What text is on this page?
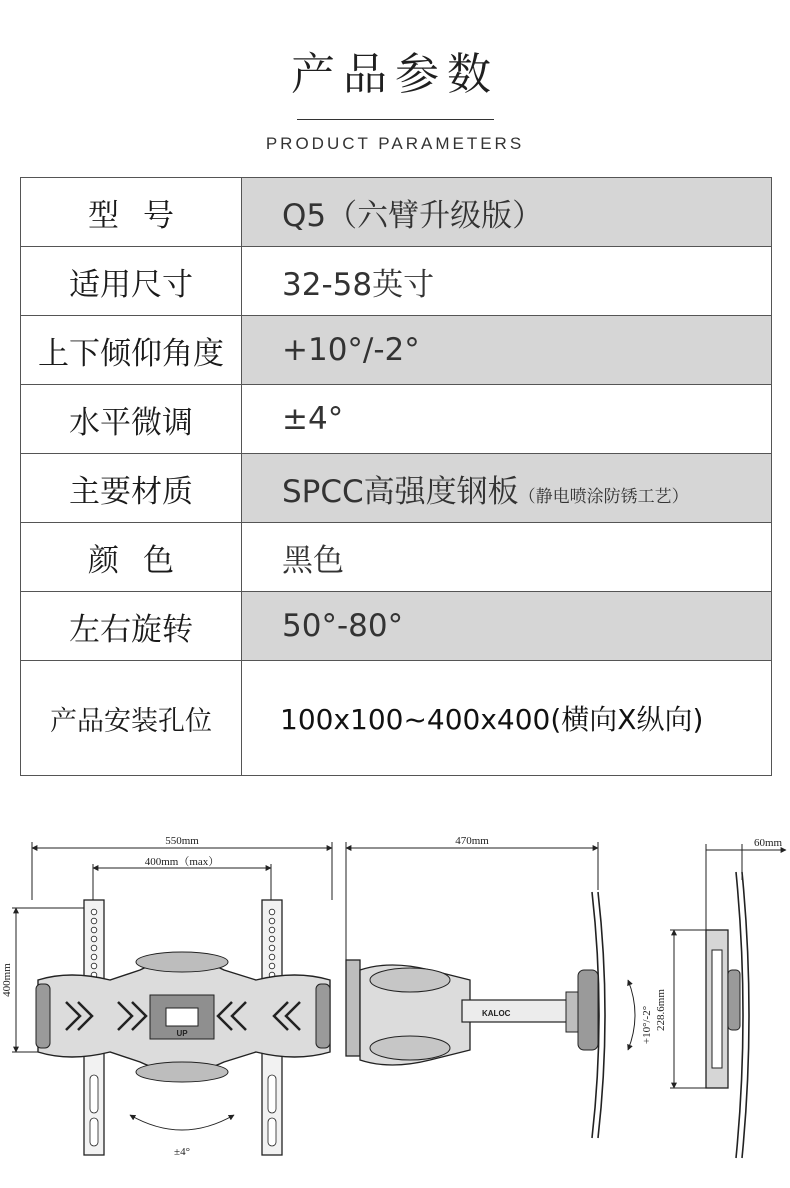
产品参数
PRODUCT PARAMETERS
型号	Q5（六臂升级版）
适用尺寸	32-58英寸
上下倾仰角度	+10°/-2°
水平微调	±4°
主要材质	SPCC高强度钢板（静电喷涂防锈工艺）
颜色	黑色
左右旋转	50°-80°
产品安装孔位	100x100~400x400(横向X纵向)
550mm
400mm（max）
400mm
±4°
UP
470mm
KALOC	+10°/-2°
60mm
228.6mm
